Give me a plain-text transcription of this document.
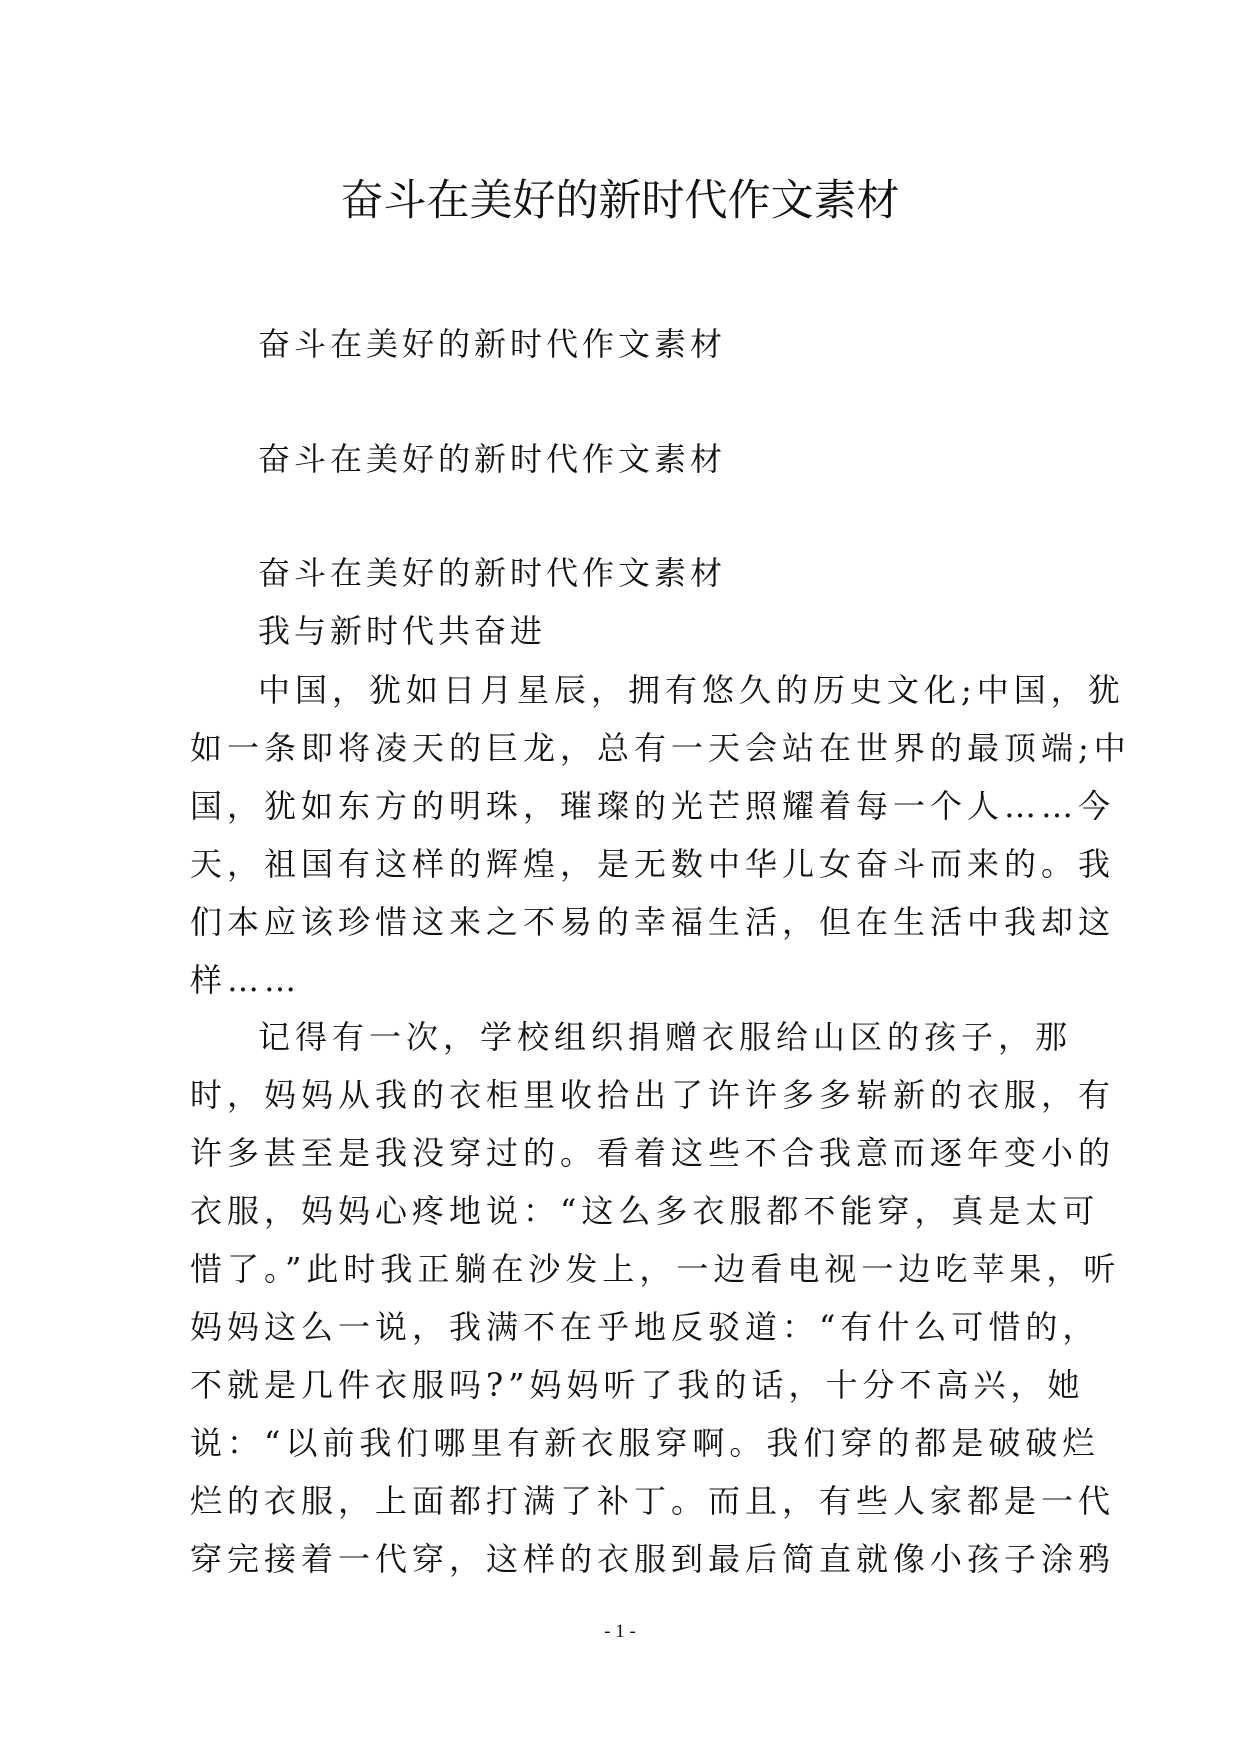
奋斗在美好的新时代作文素材
奋斗在美好的新时代作文素材
奋斗在美好的新时代作文素材
奋斗在美好的新时代作文素材
我与新时代共奋进
中国，犹如日月星辰，拥有悠久的历史文化;中国，犹
如一条即将凌天的巨龙，总有一天会站在世界的最顶端;中
国，犹如东方的明珠，璀璨的光芒照耀着每一个人……今
天，祖国有这样的辉煌，是无数中华儿女奋斗而来的。我
们本应该珍惜这来之不易的幸福生活，但在生活中我却这
样……
记得有一次，学校组织捐赠衣服给山区的孩子，那
时，妈妈从我的衣柜里收拾出了许许多多崭新的衣服，有
许多甚至是我没穿过的。看着这些不合我意而逐年变小的
衣服，妈妈心疼地说：“这么多衣服都不能穿，真是太可
惜了。”此时我正躺在沙发上，一边看电视一边吃苹果，听
妈妈这么一说，我满不在乎地反驳道：“有什么可惜的，
不就是几件衣服吗?”妈妈听了我的话，十分不高兴，她
说：“以前我们哪里有新衣服穿啊。我们穿的都是破破烂
烂的衣服，上面都打满了补丁。而且，有些人家都是一代
穿完接着一代穿，这样的衣服到最后简直就像小孩子涂鸦
- 1 -
